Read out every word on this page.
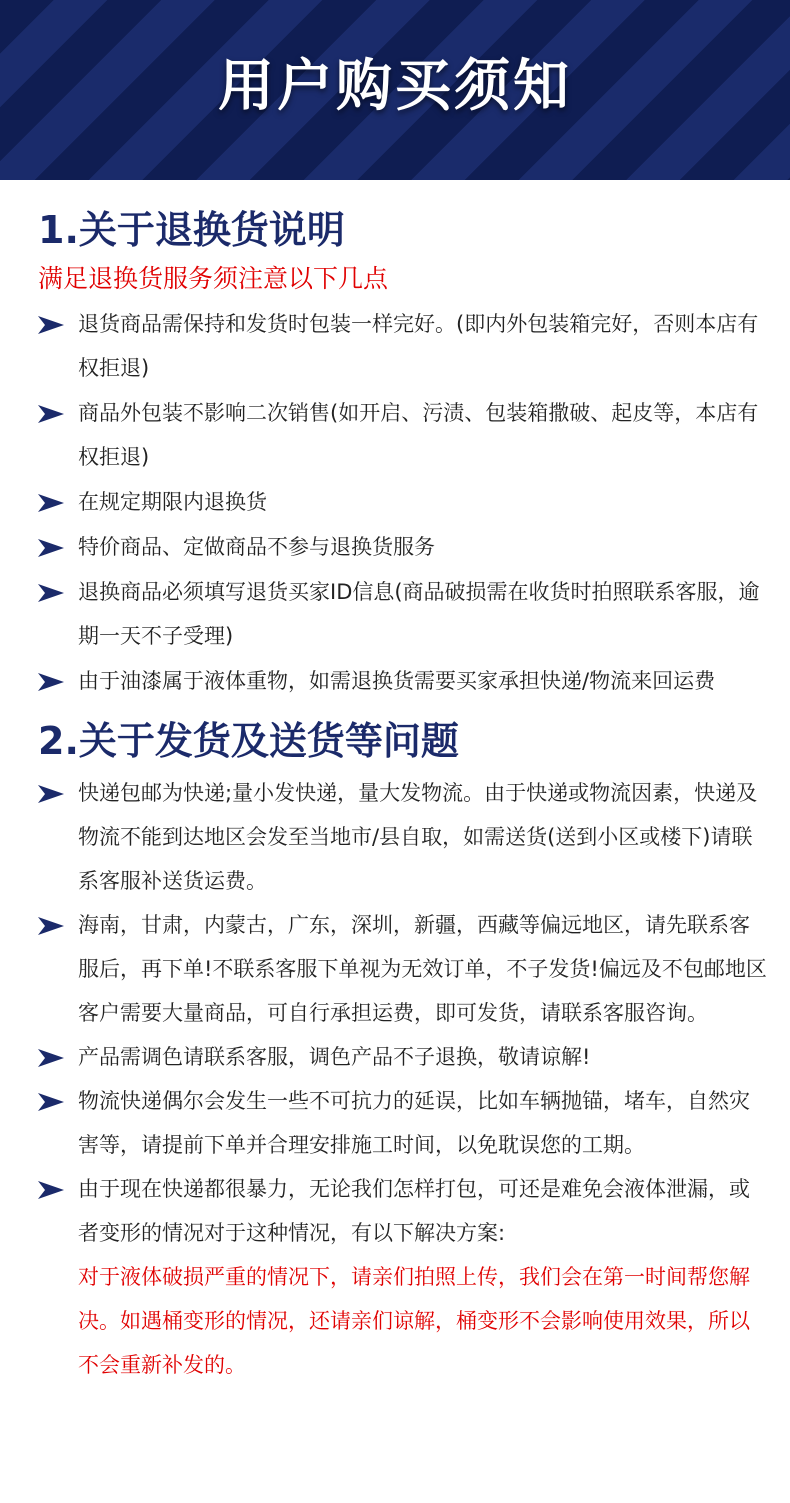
用户购买须知
1.关于退换货说明

满足退换货服务须注意以下几点

退货商品需保持和发货时包装一样完好。(即内外包装箱完好，否则本店有权拒退)
商品外包装不影响二次销售(如开启、污渍、包装箱撒破、起皮等，本店有权拒退)
在规定期限内退换货
特价商品、定做商品不参与退换货服务
退换商品必须填写退货买家ID信息(商品破损需在收货时拍照联系客服，逾期一天不子受理)
由于油漆属于液体重物，如需退换货需要买家承担快递/物流来回运费
2.关于发货及送货等问题
快递包邮为快递;量小发快递，量大发物流。由于快递或物流因素，快递及物流不能到达地区会发至当地市/县自取，如需送货(送到小区或楼下)请联系客服补送货运费。
海南，甘肃，内蒙古，广东，深圳，新疆，西藏等偏远地区，请先联系客服后，再下单!不联系客服下单视为无效订单，不子发货!偏远及不包邮地区客户需要大量商品，可自行承担运费，即可发货，请联系客服咨询。
产品需调色请联系客服，调色产品不子退换，敬请谅解!
物流快递偶尔会发生一些不可抗力的延误，比如车辆抛锚，堵车，自然灾害等，请提前下单并合理安排施工时间，以免耽误您的工期。
由于现在快递都很暴力，无论我们怎样打包，可还是难免会液体泄漏，或者变形的情况对于这种情况，有以下解决方案:
对于液体破损严重的情况下，请亲们拍照上传，我们会在第一时间帮您解决。如遇桶变形的情况，还请亲们谅解，桶变形不会影响使用效果，所以不会重新补发的。
